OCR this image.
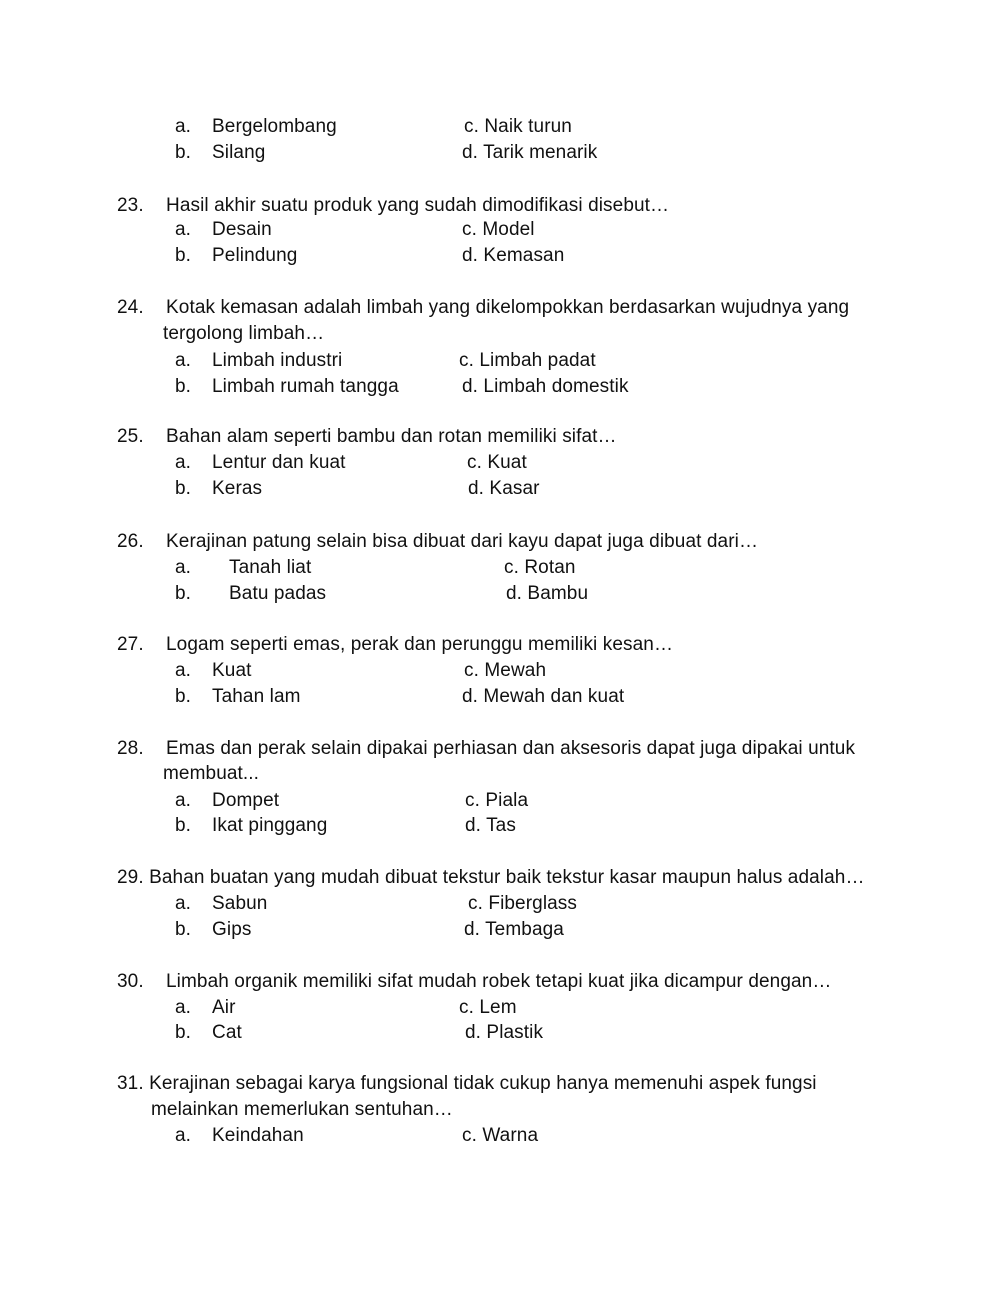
a. Bergelombang	c. Naik turun
b. Silang	d. Tarik menarik
23. Hasil akhir suatu produk yang sudah dimodifikasi disebut…
a. Desain	c. Model
b. Pelindung	d. Kemasan
24. Kotak kemasan adalah limbah yang dikelompokkan berdasarkan wujudnya yang
tergolong limbah…
a. Limbah industri	c. Limbah padat
b. Limbah rumah tangga	d. Limbah domestik
25. Bahan alam seperti bambu dan rotan memiliki sifat…
a. Lentur dan kuat	c. Kuat
b. Keras	d. Kasar
26. Kerajinan patung selain bisa dibuat dari kayu dapat juga dibuat dari…
a. Tanah liat	c. Rotan
b. Batu padas	d. Bambu
27. Logam seperti emas, perak dan perunggu memiliki kesan…
a. Kuat	c. Mewah
b. Tahan lam	d. Mewah dan kuat
28. Emas dan perak selain dipakai perhiasan dan aksesoris dapat juga dipakai untuk
membuat...
a. Dompet	c. Piala
b. Ikat pinggang	d. Tas
29. Bahan buatan yang mudah dibuat tekstur baik tekstur kasar maupun halus adalah…
a. Sabun	c. Fiberglass
b. Gips	d. Tembaga
30. Limbah organik memiliki sifat mudah robek tetapi kuat jika dicampur dengan…
a. Air	c. Lem
b. Cat	d. Plastik
31. Kerajinan sebagai karya fungsional tidak cukup hanya memenuhi aspek fungsi
melainkan memerlukan sentuhan…
a. Keindahan	c. Warna
